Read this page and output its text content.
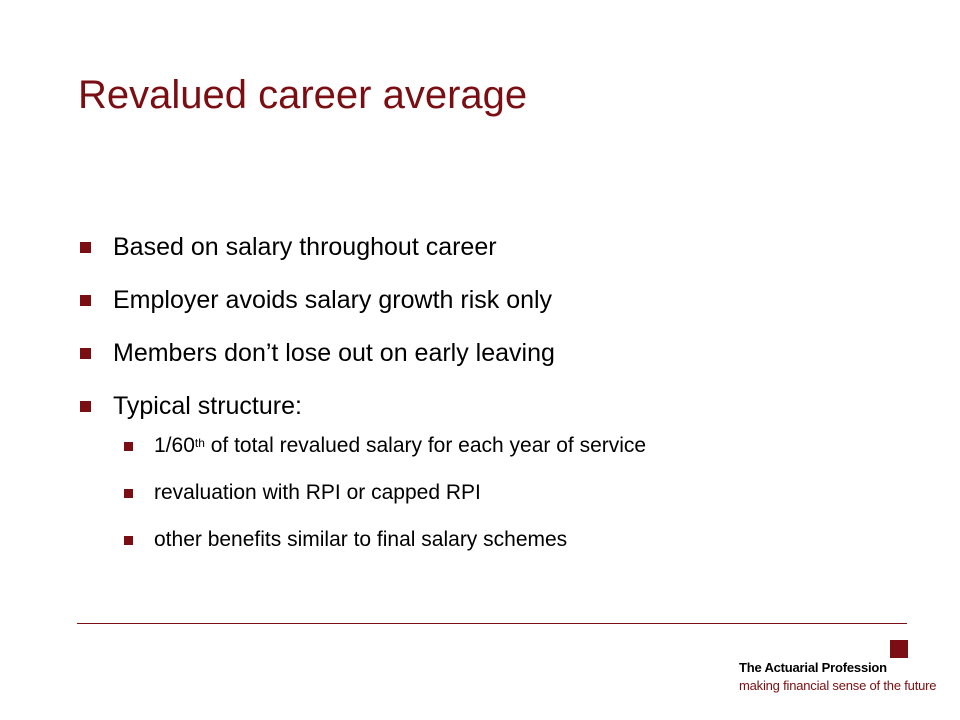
Revalued career average
Based on salary throughout career
Employer avoids salary growth risk only
Members don’t lose out on early leaving
Typical structure:
1/60th of total revalued salary for each year of service
revaluation with RPI or capped RPI
other benefits similar to final salary schemes
The Actuarial Profession
making financial sense of the future
